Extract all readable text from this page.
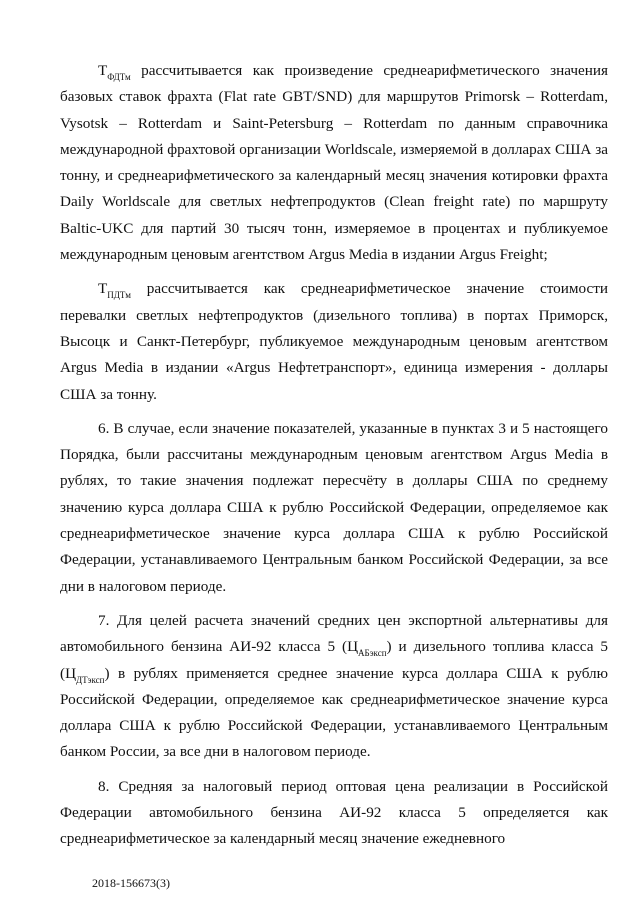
$Т_{ФДТм}$ рассчитывается как произведение среднеарифметического значения базовых ставок фрахта (Flat rate GBT/SND) для маршрутов Primorsk – Rotterdam, Vysotsk – Rotterdam и Saint-Petersburg – Rotterdam по данным справочника международной фрахтовой организации Worldscale, измеряемой в долларах США за тонну, и среднеарифметического за календарный месяц значения котировки фрахта Daily Worldscale для светлых нефтепродуктов (Clean freight rate) по маршруту Baltic-UKC для партий 30 тысяч тонн, измеряемое в процентах и публикуемое международным ценовым агентством Argus Media в издании Argus Freight;

$Т_{ПДТм}$ рассчитывается как среднеарифметическое значение стоимости перевалки светлых нефтепродуктов (дизельного топлива) в портах Приморск, Высоцк и Санкт-Петербург, публикуемое международным ценовым агентством Argus Media в издании «Argus Нефтетранспорт», единица измерения - доллары США за тонну.

6. В случае, если значение показателей, указанные в пунктах 3 и 5 настоящего Порядка, были рассчитаны международным ценовым агентством Argus Media в рублях, то такие значения подлежат пересчёту в доллары США по среднему значению курса доллара США к рублю Российской Федерации, определяемое как среднеарифметическое значение курса доллара США к рублю Российской Федерации, устанавливаемого Центральным банком Российской Федерации, за все дни в налоговом периоде.

7. Для целей расчета значений средних цен экспортной альтернативы для автомобильного бензина АИ-92 класса 5 $(Ц_{АБэксп})$ и дизельного топлива класса 5 $(Ц_{ДТэксп})$ в рублях применяется среднее значение курса доллара США к рублю Российской Федерации, определяемое как среднеарифметическое значение курса доллара США к рублю Российской Федерации, устанавливаемого Центральным банком России, за все дни в налоговом периоде.

8. Средняя за налоговый период оптовая цена реализации в Российской Федерации автомобильного бензина АИ-92 класса 5 определяется как среднеарифметическое за календарный месяц значение ежедневного

2018-156673(3)
